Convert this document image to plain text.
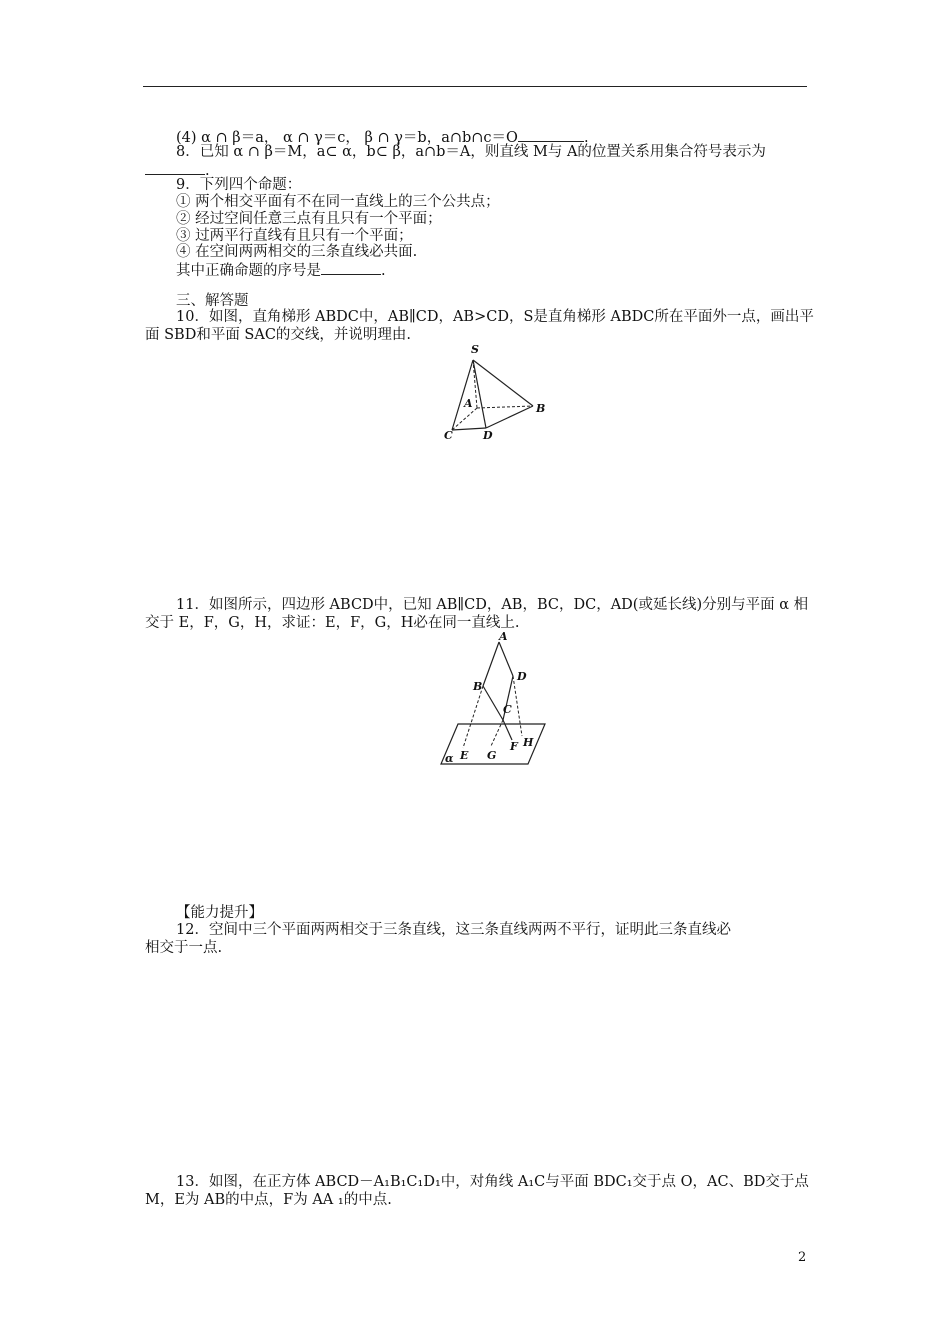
(4) α ∩ β＝a， α ∩ γ＝c， β ∩ γ＝b，a∩b∩c＝O	.
8．已知 α ∩ β＝M，a⊂ α，b⊂ β，a∩b＝A，则直线 M与 A的位置关系用集合符号表示为
.
9．下列四个命题：
① 两个相交平面有不在同一直线上的三个公共点；
② 经过空间任意三点有且只有一个平面；
③ 过两平行直线有且只有一个平面；
④ 在空间两两相交的三条直线必共面.
其中正确命题的序号是	.
三、解答题
10．如图，直角梯形 ABDC中，AB∥CD，AB>CD，S是直角梯形 ABDC所在平面外一点，画出平
面 SBD和平面 SAC的交线，并说明理由.
S
A	B
C	D
11．如图所示，四边形 ABCD中，已知 AB∥CD，AB，BC，DC，AD(或延长线)分别与平面 α 相
交于 E，F，G，H，求证：E，F，G，H必在同一直线上.
A
B
C
D
E
F
G
H
α
【能力提升】
12．空间中三个平面两两相交于三条直线，这三条直线两两不平行，证明此三条直线必
相交于一点.
13．如图，在正方体 ABCD－A₁B₁C₁D₁中，对角线 A₁C与平面 BDC₁交于点 O，AC、BD交于点
M，E为 AB的中点，F为 AA ₁的中点.
2
